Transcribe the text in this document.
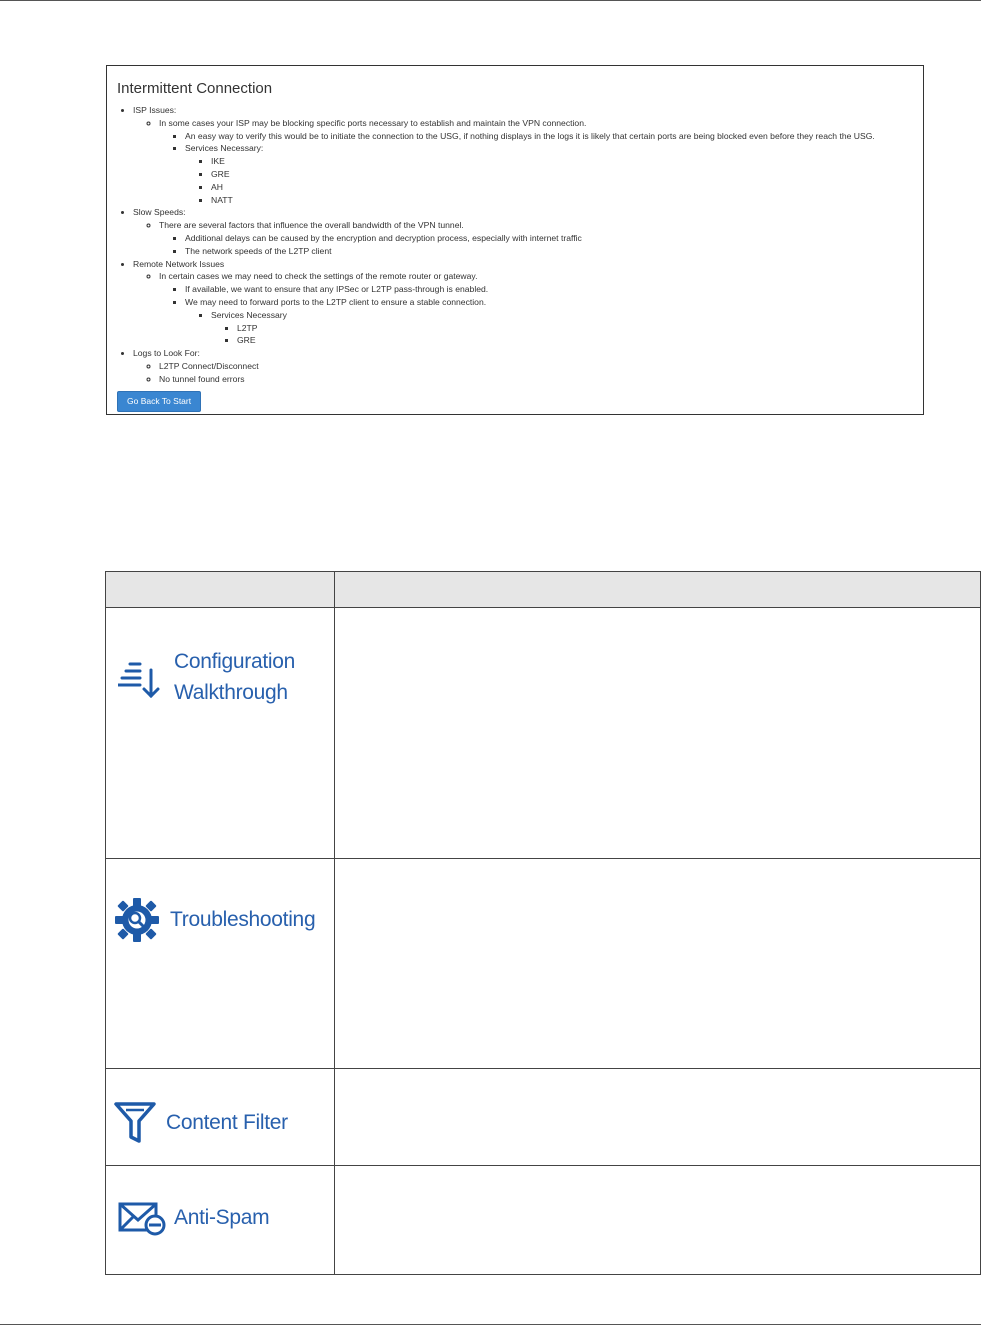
Intermittent Connection
• ISP Issues:
◦ In some cases your ISP may be blocking specific ports necessary to establish and maintain the VPN connection.
▪ An easy way to verify this would be to initiate the connection to the USG, if nothing displays in the logs it is likely that certain ports are being blocked even before they reach the USG.
▪ Services Necessary:
▪ IKE
▪ GRE
▪ AH
▪ NATT
• Slow Speeds:
◦ There are several factors that influence the overall bandwidth of the VPN tunnel.
▪ Additional delays can be caused by the encryption and decryption process, especially with internet traffic
▪ The network speeds of the L2TP client
• Remote Network Issues
◦ In certain cases we may need to check the settings of the remote router or gateway.
▪ If available, we want to ensure that any IPSec or L2TP pass-through is enabled.
▪ We may need to forward ports to the L2TP client to ensure a stable connection.
▪ Services Necessary
▪ L2TP
▪ GRE
• Logs to Look For:
◦ L2TP Connect/Disconnect
◦ No tunnel found errors
Go Back To Start

Configuration
Walkthrough	

Troubleshooting	

Content Filter	

Anti-Spam	
